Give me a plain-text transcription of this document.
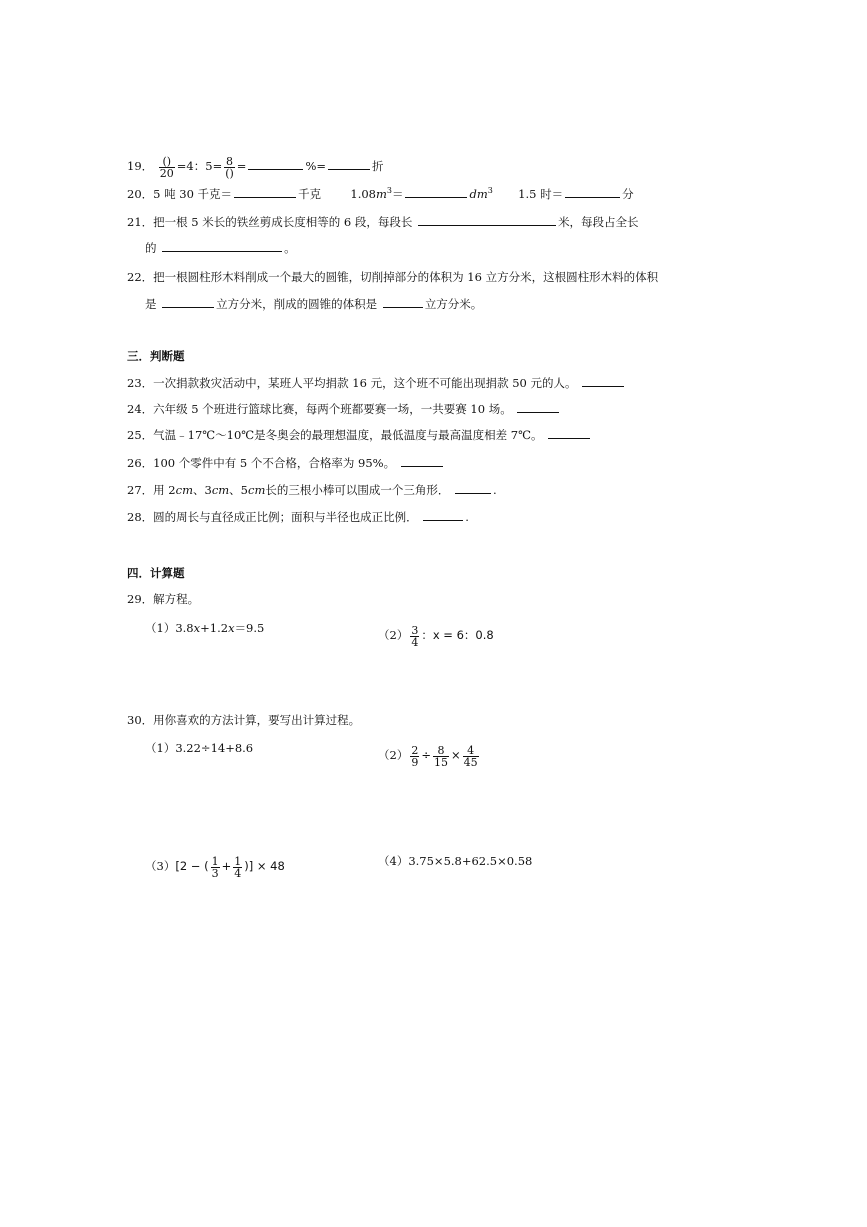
19． $\frac{()}{20} =4$：$5= \frac{8}{()}$ =	%=	折
20．5 吨 30 千克＝	千克	$1.08m^3=$	$dm^3$ 1.5 时＝	分
21．把一根 5 米长的铁丝剪成长度相等的 6 段，每段长	米，每段占全长
的	。
22．把一根圆柱形木料削成一个最大的圆锥，切削掉部分的体积为 16 立方分米，这根圆柱形木料的体积
是	立方分米，削成的圆锥的体积是	立方分米。
三．判断题
23．一次捐款救灾活动中，某班人平均捐款 16 元，这个班不可能出现捐款 50 元的人。
24．六年级 5 个班进行篮球比赛，每两个班都要赛一场，一共要赛 10 场。
25．气温﹣17℃～10℃是冬奥会的最理想温度，最低温度与最高温度相差 7℃。
26．100 个零件中有 5 个不合格，合格率为 95%。
27．用 2cm、3cm、5cm长的三根小棒可以围成一个三角形．	.
28．圆的周长与直径成正比例；面积与半径也成正比例．	.
四．计算题
29．解方程。
（1）3.8x+1.2x＝9.5	$(2) \frac{3}{4}$ ：x = 6：0.8
30．用你喜欢的方法计算，要写出计算过程。
（1）3.22÷14+8.6	$(2) \frac{2}{9} \div \frac{8}{15} \times \frac{4}{45}$
（3）[2 − ( $\frac{1}{3} + \frac{1}{4}$ )] × 48	（4）3.75×5.8+62.5×0.58
